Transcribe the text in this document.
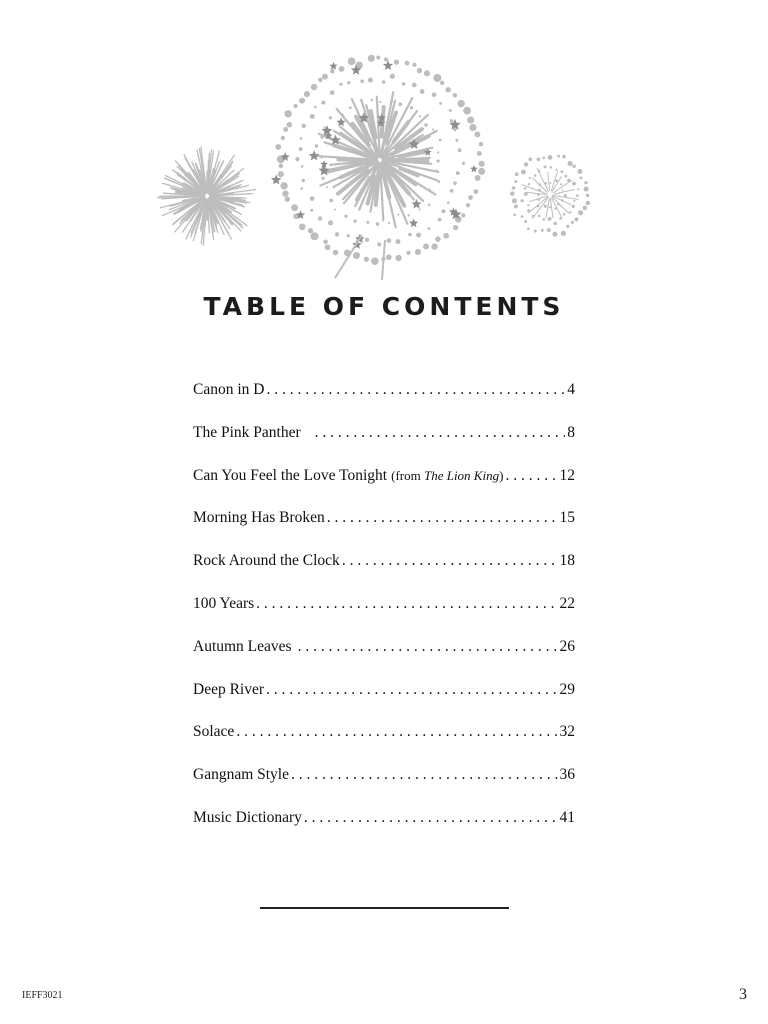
TABLE OF CONTENTS
Canon in D . . .	4
The Pink Panther . . .	8
Can You Feel the Love Tonight (from The Lion King) . . .	12
Morning Has Broken . . .	15
Rock Around the Clock . . .	18
100 Years . . .	22
Autumn Leaves . . .	26
Deep River . . .	29
Solace . . .	32
Gangnam Style . . .	36
Music Dictionary . . .	41
IEFF3021	3
